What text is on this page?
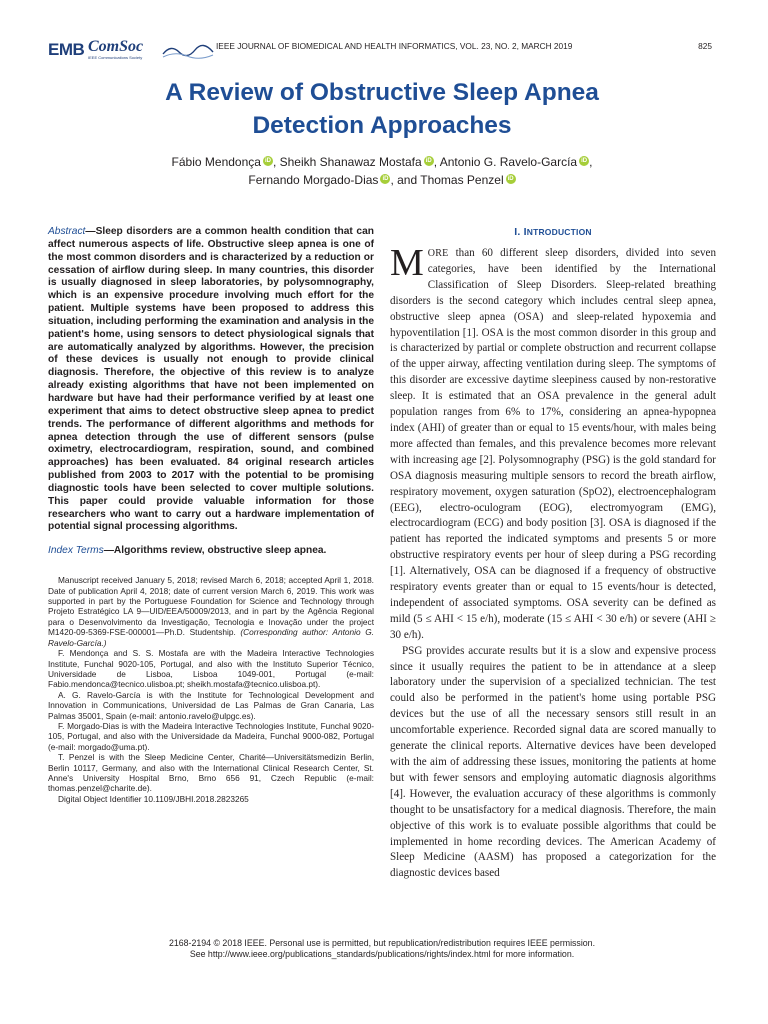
EMB ComSoc
IEEE Communications Society
IEEE JOURNAL OF BIOMEDICAL AND HEALTH INFORMATICS, VOL. 23, NO. 2, MARCH 2019	825
A Review of Obstructive Sleep Apnea
Detection Approaches
Fábio Mendonça iD , Sheikh Shanawaz Mostafa iD , Antonio G. Ravelo-García iD ,
Fernando Morgado-Dias iD , and Thomas Penzel iD

Abstract—Sleep disorders are a common health condition that can affect numerous aspects of life. Obstructive sleep apnea is one of the most common disorders and is characterized by a reduction or cessation of airflow during sleep. In many countries, this disorder is usually diagnosed in sleep laboratories, by polysomnography, which is an expensive procedure involving much effort for the patient. Multiple systems have been proposed to address this situation, including performing the examination and analysis in the patient's home, using sensors to detect physiological signals that are automatically analyzed by algorithms. However, the precision of these devices is usually not enough to provide clinical diagnosis. Therefore, the objective of this review is to analyze already existing algorithms that have not been implemented on hardware but have had their performance verified by at least one experiment that aims to detect obstructive sleep apnea to predict trends. The performance of different algorithms and methods for apnea detection through the use of different sensors (pulse oximetry, electrocardiogram, respiration, sound, and combined approaches) has been evaluated. 84 original research articles published from 2003 to 2017 with the potential to be promising diagnostic tools have been selected to cover multiple solutions. This paper could provide valuable information for those researchers who want to carry out a hardware implementation of potential signal processing algorithms.

Index Terms—Algorithms review, obstructive sleep apnea.

Manuscript received January 5, 2018; revised March 6, 2018; accepted April 1, 2018. Date of publication April 4, 2018; date of current version March 6, 2019. This work was supported in part by the Portuguese Foundation for Science and Technology through Projeto Estratégico LA 9—UID/EEA/50009/2013, and in part by the Agência Regional para o Desenvolvimento da Investigação, Tecnologia e Inovação under the project M1420-09-5369-FSE-000001—Ph.D. Studentship. (Corresponding author: Antonio G. Ravelo-García.)

F. Mendonça and S. S. Mostafa are with the Madeira Interactive Technologies Institute, Funchal 9020-105, Portugal, and also with the Instituto Superior Técnico, Universidade de Lisboa, Lisboa 1049-001, Portugal (e-mail: Fabio.mendonca@tecnico.ulisboa.pt; sheikh.mostafa@tecnico.ulisboa.pt).

A. G. Ravelo-García is with the Institute for Technological Development and Innovation in Communications, Universidad de Las Palmas de Gran Canaria, Las Palmas 35001, Spain (e-mail: antonio.ravelo@ulpgc.es).

F. Morgado-Dias is with the Madeira Interactive Technologies Institute, Funchal 9020-105, Portugal, and also with the Universidade da Madeira, Funchal 9000-082, Portugal (e-mail: morgado@uma.pt).

T. Penzel is with the Sleep Medicine Center, Charité—Universitätsmedizin Berlin, Berlin 10117, Germany, and also with the International Clinical Research Center, St. Anne's University Hospital Brno, Brno 656 91, Czech Republic (e-mail: thomas.penzel@charite.de).

Digital Object Identifier 10.1109/JBHI.2018.2823265

I. INTRODUCTION

MORE than 60 different sleep disorders, divided into seven categories, have been identified by the International Classification of Sleep Disorders. Sleep-related breathing disorders is the second category which includes central sleep apnea, obstructive sleep apnea (OSA) and sleep-related hypoxemia and hypoventilation [1]. OSA is the most common disorder in this group and is characterized by partial or complete obstruction and recurrent collapse of the upper airway, affecting ventilation during sleep. The symptoms of this disorder are excessive daytime sleepiness caused by non-restorative sleep. It is estimated that an OSA prevalence in the general adult population ranges from 6% to 17%, considering an apnea-hypopnea index (AHI) of greater than or equal to 15 events/hour, with males being more affected than females, and this prevalence becomes more relevant with increasing age [2]. Polysomnography (PSG) is the gold standard for OSA diagnosis measuring multiple sensors to record the breath airflow, respiratory movement, oxygen saturation (SpO2), electroencephalogram (EEG), electro-oculogram (EOG), electromyogram (EMG), electrocardiogram (ECG) and body position [3]. OSA is diagnosed if the patient has reported the indicated symptoms and presents 5 or more obstructive respiratory events per hour of sleep during a PSG recording [1]. Alternatively, OSA can be diagnosed if a frequency of obstructive respiratory events greater than or equal to 15 events/hour is detected, independent of associated symptoms. OSA severity can be defined as mild (5 ≤ AHI < 15 e/h), moderate (15 ≤ AHI < 30 e/h) or severe (AHI ≥ 30 e/h).

PSG provides accurate results but it is a slow and expensive process since it usually requires the patient to be in attendance at a sleep laboratory under the supervision of a specialized technician. The test could also be performed in the patient's home using portable PSG devices but the use of all the necessary sensors still result in an uncomfortable experience. Recorded signal data are scored manually to generate the clinical reports. Alternative devices have been developed with the aim of addressing these issues, monitoring the patients at home but with fewer sensors and employing automatic diagnosis algorithms [4]. However, the evaluation accuracy of these algorithms is commonly thought to be unsatisfactory for a medical diagnosis. Therefore, the main objective of this work is to evaluate possible algorithms that could be implemented in home recording devices. The American Academy of Sleep Medicine (AASM) has proposed a categorization for the diagnostic devices based

2168-2194 © 2018 IEEE. Personal use is permitted, but republication/redistribution requires IEEE permission.
See http://www.ieee.org/publications_standards/publications/rights/index.html for more information.
